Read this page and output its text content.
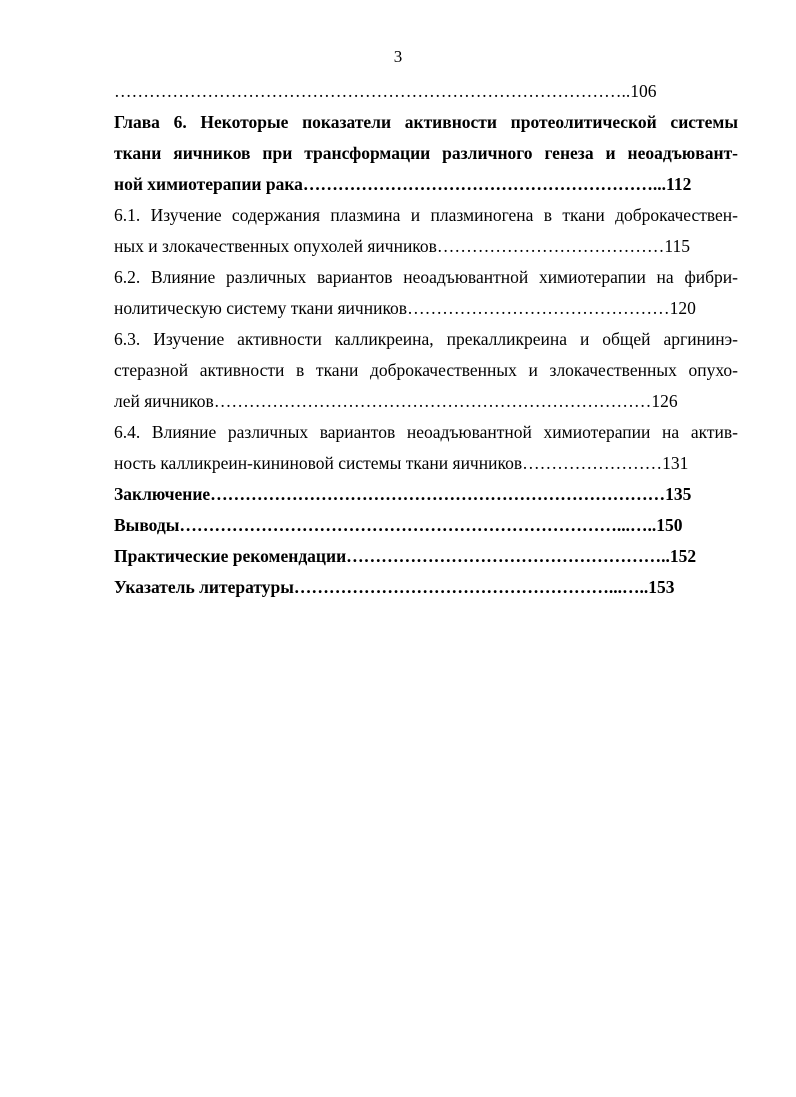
3
……………………………………………………………………………..106
Глава 6. Некоторые показатели активности протеолитической системы
ткани яичников при трансформации различного генеза и неоадъювант-
ной химиотерапии рака……………………………………………………...112
6.1. Изучение содержания плазмина и плазминогена в ткани доброкачествен-
ных и злокачественных опухолей яичников…………………………………115
6.2. Влияние различных вариантов неоадъювантной химиотерапии на фибри-
нолитическую систему ткани яичников………………………………………120
6.3. Изучение активности калликреина, прекалликреина и общей аргининэ-
стеразной активности в ткани доброкачественных и злокачественных опухо-
лей яичников…………………………………………………………………126
6.4. Влияние различных вариантов неоадъювантной химиотерапии на актив-
ность калликреин-кининовой системы ткани яичников……………………131
Заключение……………………………………………………………………135
Выводы…………………………………………………………………...…..150
Практические рекомендации………………………………………………..152
Указатель литературы………………………………………………...…..153
